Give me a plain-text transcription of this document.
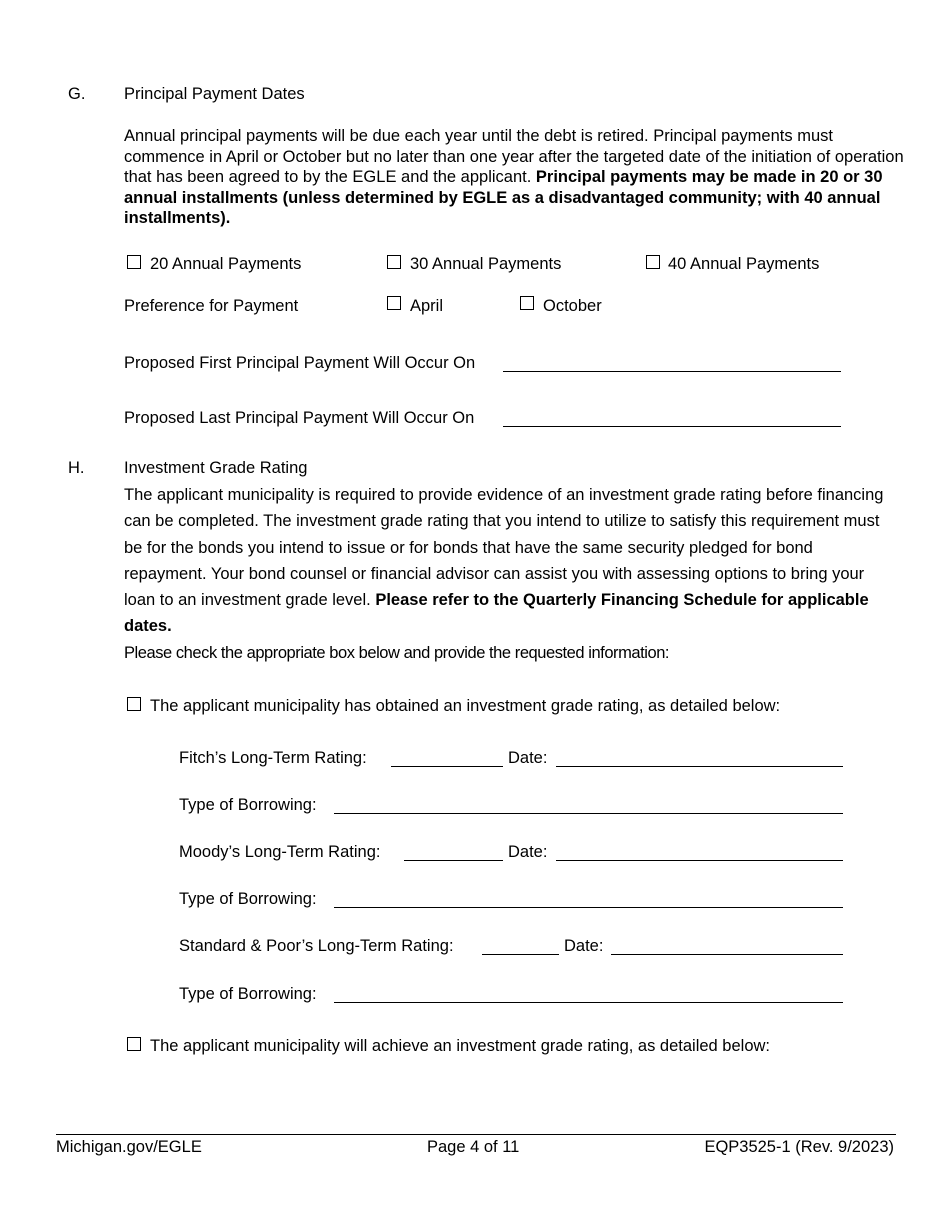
G. Principal Payment Dates
Annual principal payments will be due each year until the debt is retired. Principal payments must commence in April or October but no later than one year after the targeted date of the initiation of operation that has been agreed to by the EGLE and the applicant. Principal payments may be made in 20 or 30 annual installments (unless determined by EGLE as a disadvantaged community; with 40 annual installments).
20 Annual Payments	30 Annual Payments	40 Annual Payments
Preference for Payment	April	October
Proposed First Principal Payment Will Occur On
Proposed Last Principal Payment Will Occur On
H. Investment Grade Rating
The applicant municipality is required to provide evidence of an investment grade rating before financing can be completed. The investment grade rating that you intend to utilize to satisfy this requirement must be for the bonds you intend to issue or for bonds that have the same security pledged for bond repayment. Your bond counsel or financial advisor can assist you with assessing options to bring your loan to an investment grade level. Please refer to the Quarterly Financing Schedule for applicable dates.
Please check the appropriate box below and provide the requested information:
The applicant municipality has obtained an investment grade rating, as detailed below:
Fitch’s Long-Term Rating:	Date:
Type of Borrowing:
Moody’s Long-Term Rating:	Date:
Type of Borrowing:
Standard & Poor’s Long-Term Rating:	Date:
Type of Borrowing:
The applicant municipality will achieve an investment grade rating, as detailed below:
Michigan.gov/EGLE	Page 4 of 11	EQP3525-1 (Rev. 9/2023)
